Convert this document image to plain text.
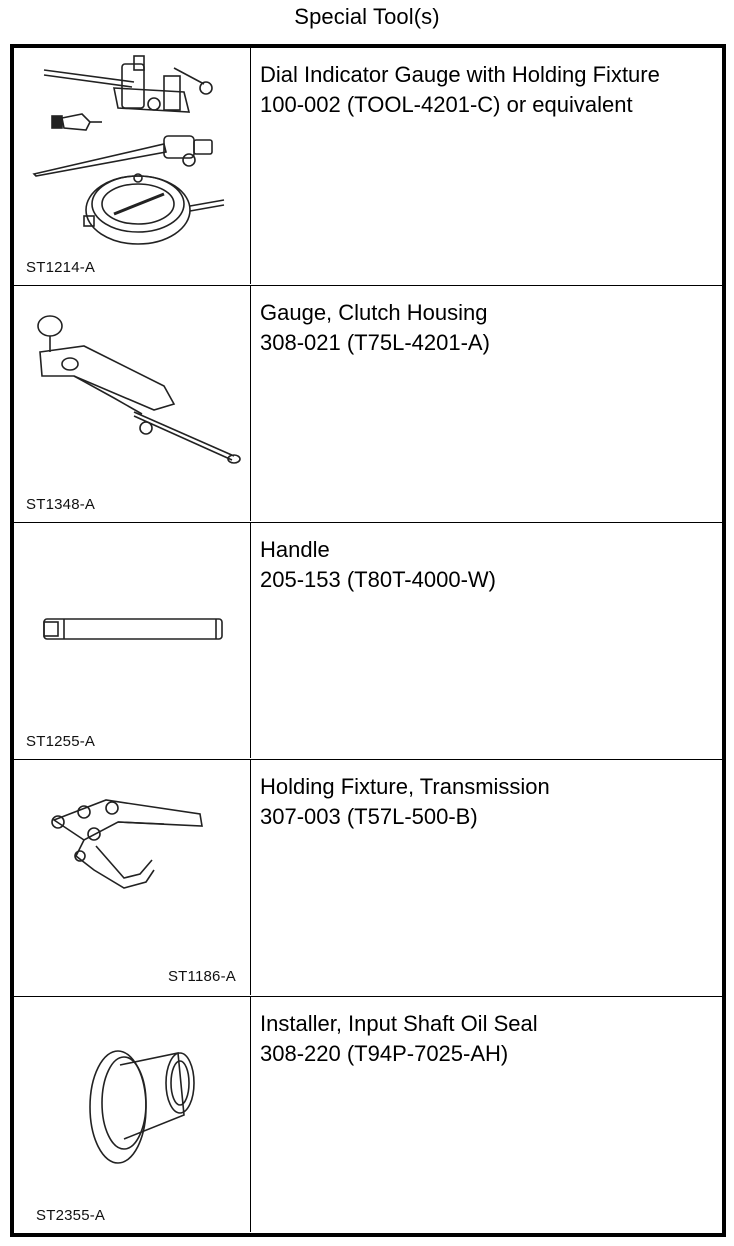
Special Tool(s)
ST1214-A
Dial Indicator Gauge with Holding Fixture
100-002 (TOOL-4201-C) or equivalent
ST1348-A
Gauge, Clutch Housing
308-021 (T75L-4201-A)
ST1255-A
Handle
205-153 (T80T-4000-W)
ST1186-A
Holding Fixture, Transmission
307-003 (T57L-500-B)
ST2355-A
Installer, Input Shaft Oil Seal
308-220 (T94P-7025-AH)
